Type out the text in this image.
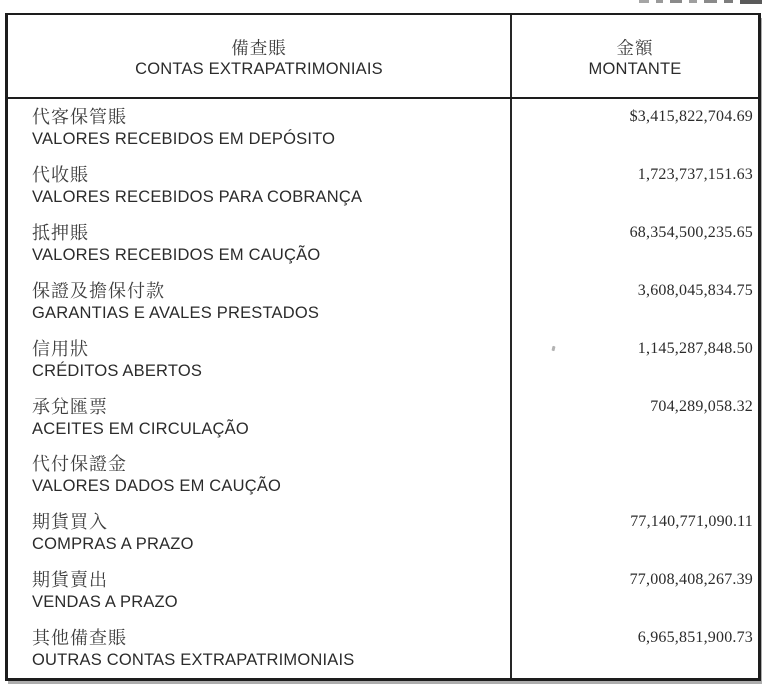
備查賬
CONTAS EXTRAPATRIMONIAIS
金額
MONTANTE
代客保管賬
VALORES RECEBIDOS EM DEPÓSITO
$3,415,822,704.69
代收賬
VALORES RECEBIDOS PARA COBRANÇA
1,723,737,151.63
抵押賬
VALORES RECEBIDOS EM CAUÇÃO
68,354,500,235.65
保證及擔保付款
GARANTIAS E AVALES PRESTADOS
3,608,045,834.75
信用狀
CRÉDITOS ABERTOS
1,145,287,848.50
承兌匯票
ACEITES EM CIRCULAÇÃO
704,289,058.32
代付保證金
VALORES DADOS EM CAUÇÃO
期貨買入
COMPRAS A PRAZO
77,140,771,090.11
期貨賣出
VENDAS A PRAZO
77,008,408,267.39
其他備查賬
OUTRAS CONTAS EXTRAPATRIMONIAIS
6,965,851,900.73
